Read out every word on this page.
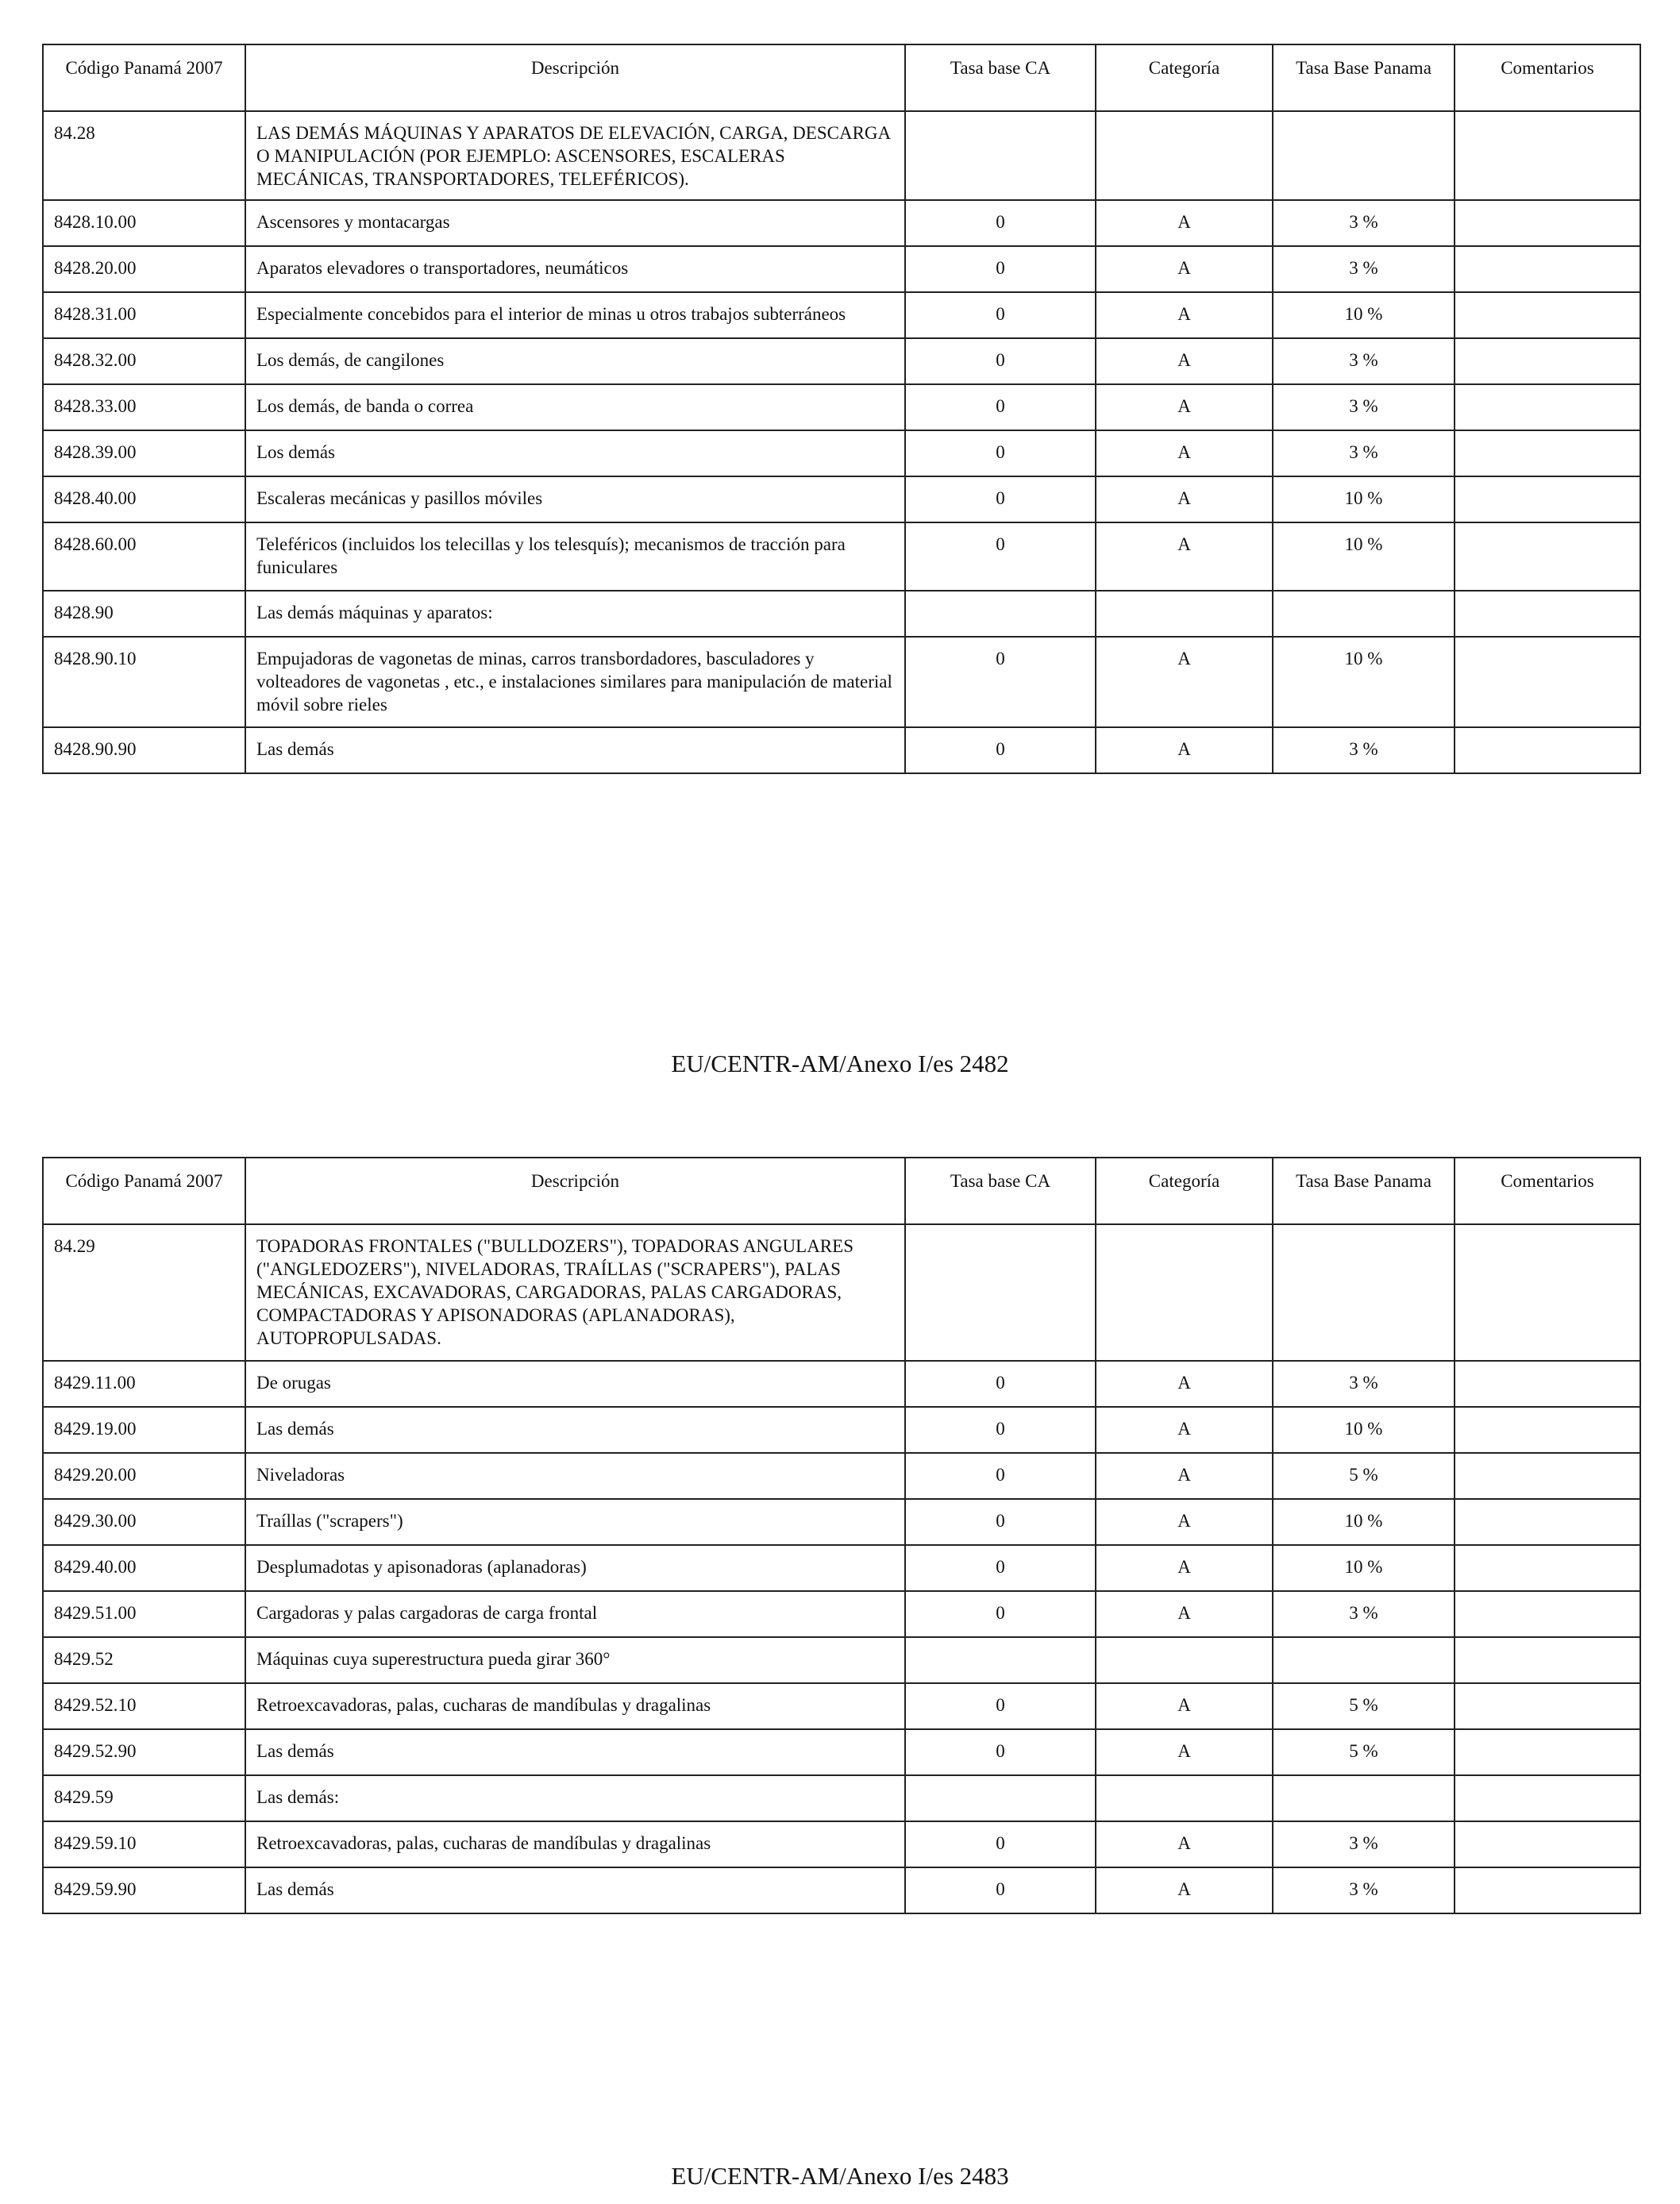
Código Panamá 2007	Descripción	Tasa base CA	Categoría	Tasa Base Panama	Comentarios
84.28	LAS DEMÁS MÁQUINAS Y APARATOS DE ELEVACIÓN, CARGA, DESCARGA O MANIPULACIÓN (POR EJEMPLO: ASCENSORES, ESCALERAS MECÁNICAS, TRANSPORTADORES, TELEFÉRICOS).				
8428.10.00	Ascensores y montacargas	0	A	3 %	
8428.20.00	Aparatos elevadores o transportadores, neumáticos	0	A	3 %	
8428.31.00	Especialmente concebidos para el interior de minas u otros trabajos subterráneos	0	A	10 %	
8428.32.00	Los demás, de cangilones	0	A	3 %	
8428.33.00	Los demás, de banda o correa	0	A	3 %	
8428.39.00	Los demás	0	A	3 %	
8428.40.00	Escaleras mecánicas y pasillos móviles	0	A	10 %	
8428.60.00	Teleféricos (incluidos los telecillas y los telesquís); mecanismos de tracción para funiculares	0	A	10 %	
8428.90	Las demás máquinas y aparatos:				
8428.90.10	Empujadoras de vagonetas de minas, carros transbordadores, basculadores y volteadores de vagonetas , etc., e instalaciones similares para manipulación de material móvil sobre rieles	0	A	10 %	
8428.90.90	Las demás	0	A	3 %	
EU/CENTR-AM/Anexo I/es 2482
Código Panamá 2007	Descripción	Tasa base CA	Categoría	Tasa Base Panama	Comentarios
84.29	TOPADORAS FRONTALES ("BULLDOZERS"), TOPADORAS ANGULARES ("ANGLEDOZERS"), NIVELADORAS, TRAÍLLAS ("SCRAPERS"), PALAS MECÁNICAS, EXCAVADORAS, CARGADORAS, PALAS CARGADORAS, COMPACTADORAS Y APISONADORAS (APLANADORAS), AUTOPROPULSADAS.				
8429.11.00	De orugas	0	A	3 %	
8429.19.00	Las demás	0	A	10 %	
8429.20.00	Niveladoras	0	A	5 %	
8429.30.00	Traíllas ("scrapers")	0	A	10 %	
8429.40.00	Desplumadotas y apisonadoras (aplanadoras)	0	A	10 %	
8429.51.00	Cargadoras y palas cargadoras de carga frontal	0	A	3 %	
8429.52	Máquinas cuya superestructura pueda girar 360°				
8429.52.10	Retroexcavadoras, palas, cucharas de mandíbulas y dragalinas	0	A	5 %	
8429.52.90	Las demás	0	A	5 %	
8429.59	Las demás:				
8429.59.10	Retroexcavadoras, palas, cucharas de mandíbulas y dragalinas	0	A	3 %	
8429.59.90	Las demás	0	A	3 %	
EU/CENTR-AM/Anexo I/es 2483
